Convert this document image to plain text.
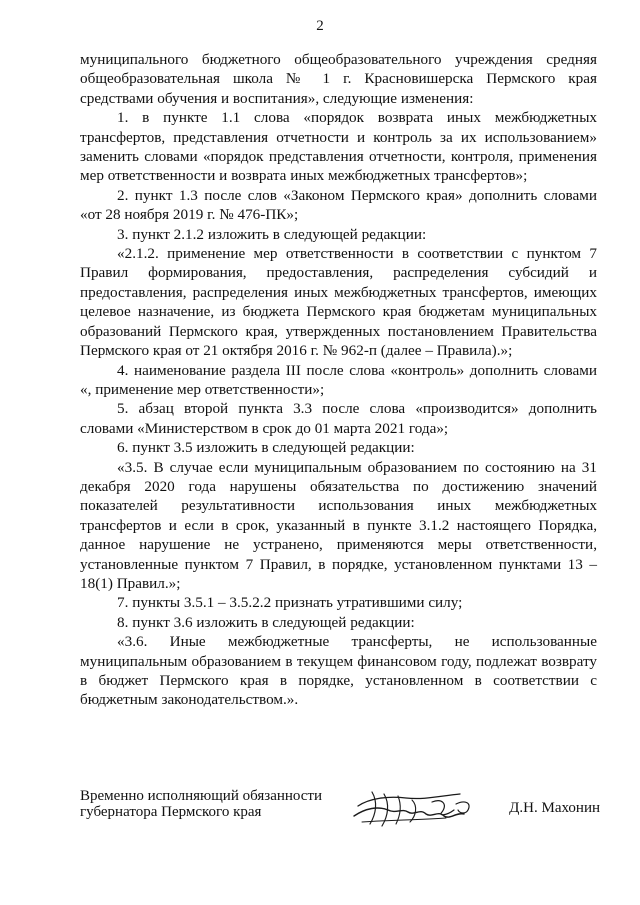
2

муниципального бюджетного общеобразовательного учреждения средняя общеобразовательная школа № 1 г. Красновишерска Пермского края средствами обучения и воспитания», следующие изменения:

1. в пункте 1.1 слова «порядок возврата иных межбюджетных трансфертов, представления отчетности и контроль за их использованием» заменить словами «порядок представления отчетности, контроля, применения мер ответственности и возврата иных межбюджетных трансфертов»;

2. пункт 1.3 после слов «Законом Пермского края» дополнить словами «от 28 ноября 2019 г. № 476-ПК»;

3. пункт 2.1.2 изложить в следующей редакции:

«2.1.2. применение мер ответственности в соответствии с пунктом 7 Правил формирования, предоставления, распределения субсидий и предоставления, распределения иных межбюджетных трансфертов, имеющих целевое назначение, из бюджета Пермского края бюджетам муниципальных образований Пермского края, утвержденных постановлением Правительства Пермского края от 21 октября 2016 г. № 962-п (далее – Правила).»;

4. наименование раздела III после слова «контроль» дополнить словами «, применение мер ответственности»;

5. абзац второй пункта 3.3 после слова «производится» дополнить словами «Министерством в срок до 01 марта 2021 года»;

6. пункт 3.5 изложить в следующей редакции:

«3.5. В случае если муниципальным образованием по состоянию на 31 декабря 2020 года нарушены обязательства по достижению значений показателей результативности использования иных межбюджетных трансфертов и если в срок, указанный в пункте 3.1.2 настоящего Порядка, данное нарушение не устранено, применяются меры ответственности, установленные пунктом 7 Правил, в порядке, установленном пунктами 13 – 18(1) Правил.»;

7. пункты 3.5.1 – 3.5.2.2 признать утратившими силу;

8. пункт 3.6 изложить в следующей редакции:

«3.6. Иные межбюджетные трансферты, не использованные муниципальным образованием в текущем финансовом году, подлежат возврату в бюджет Пермского края в порядке, установленном в соответствии с бюджетным законодательством.».

Временно исполняющий обязанности
губернатора Пермского края	Д.Н. Махонин
